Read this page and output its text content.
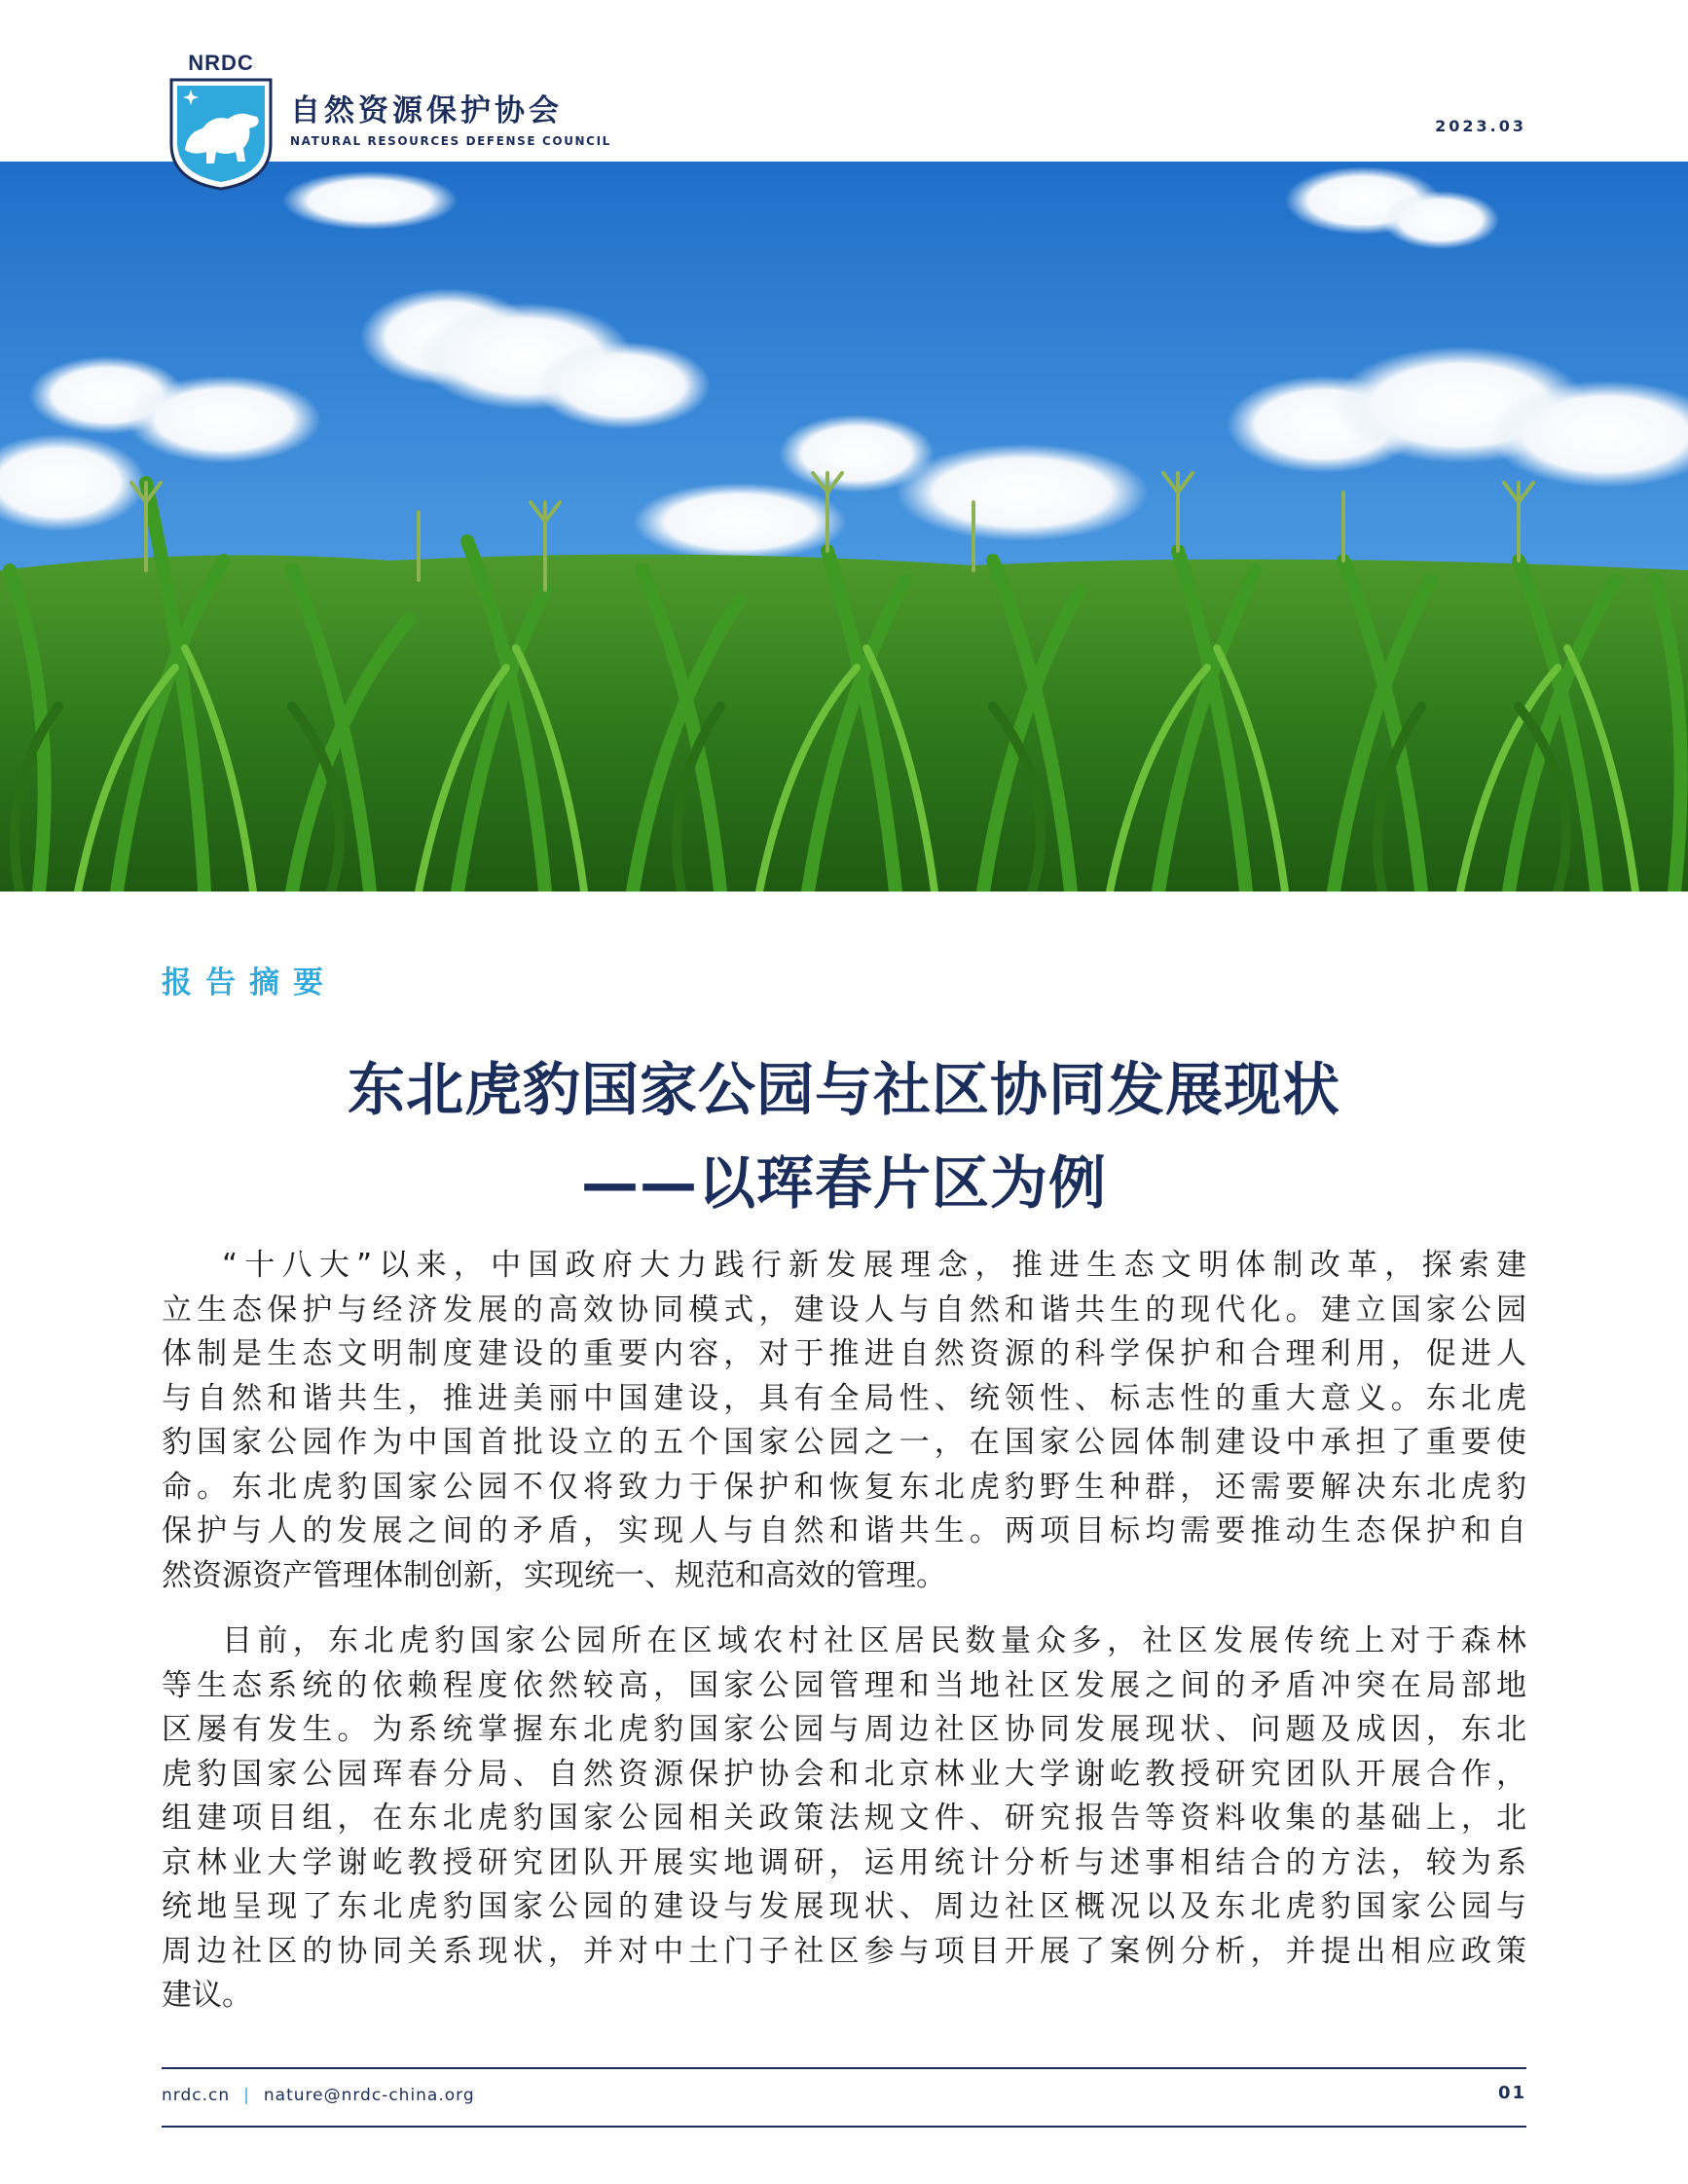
NRDC
自然资源保护协会
NATURAL RESOURCES DEFENSE COUNCIL
2023.03
报告摘要
东北虎豹国家公园与社区协同发展现状
——以珲春片区为例

“十八大”以来，中国政府大力践行新发展理念，推进生态文明体制改革，探索建
立生态保护与经济发展的高效协同模式，建设人与自然和谐共生的现代化。建立国家公园
体制是生态文明制度建设的重要内容，对于推进自然资源的科学保护和合理利用，促进人
与自然和谐共生，推进美丽中国建设，具有全局性、统领性、标志性的重大意义。东北虎
豹国家公园作为中国首批设立的五个国家公园之一，在国家公园体制建设中承担了重要使
命。东北虎豹国家公园不仅将致力于保护和恢复东北虎豹野生种群，还需要解决东北虎豹
保护与人的发展之间的矛盾，实现人与自然和谐共生。两项目标均需要推动生态保护和自
然资源资产管理体制创新，实现统一、规范和高效的管理。

目前，东北虎豹国家公园所在区域农村社区居民数量众多，社区发展传统上对于森林
等生态系统的依赖程度依然较高，国家公园管理和当地社区发展之间的矛盾冲突在局部地
区屡有发生。为系统掌握东北虎豹国家公园与周边社区协同发展现状、问题及成因，东北
虎豹国家公园珲春分局、自然资源保护协会和北京林业大学谢屹教授研究团队开展合作，
组建项目组，在东北虎豹国家公园相关政策法规文件、研究报告等资料收集的基础上，北
京林业大学谢屹教授研究团队开展实地调研，运用统计分析与述事相结合的方法，较为系
统地呈现了东北虎豹国家公园的建设与发展现状、周边社区概况以及东北虎豹国家公园与
周边社区的协同关系现状，并对中土门子社区参与项目开展了案例分析，并提出相应政策
建议。

nrdc.cn | nature@nrdc-china.org	01
